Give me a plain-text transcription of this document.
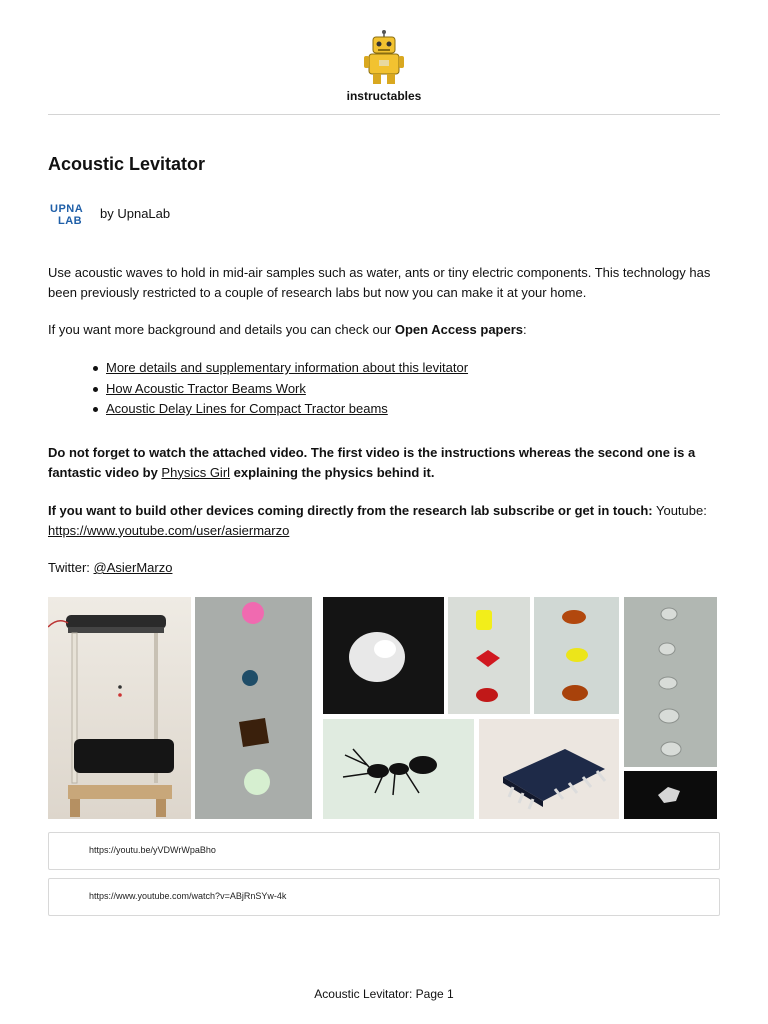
instructables
Acoustic Levitator
UPNA
LAB
by UpnaLab

Use acoustic waves to hold in mid-air samples such as water, ants or tiny electric components. This technology has been previously restricted to a couple of research labs but now you can make it at your home.

If you want more background and details you can check our Open Access papers:

More details and supplementary information about this levitator
How Acoustic Tractor Beams Work
Acoustic Delay Lines for Compact Tractor beams

Do not forget to watch the attached video. The first video is the instructions whereas the second one is a fantastic video by Physics Girl explaining the physics behind it.

If you want to build other devices coming directly from the research lab subscribe or get in touch: Youtube: https://www.youtube.com/user/asiermarzo

Twitter: @AsierMarzo

https://youtu.be/yVDWrWpaBho
https://www.youtube.com/watch?v=ABjRnSYw-4k
Acoustic Levitator: Page 1
